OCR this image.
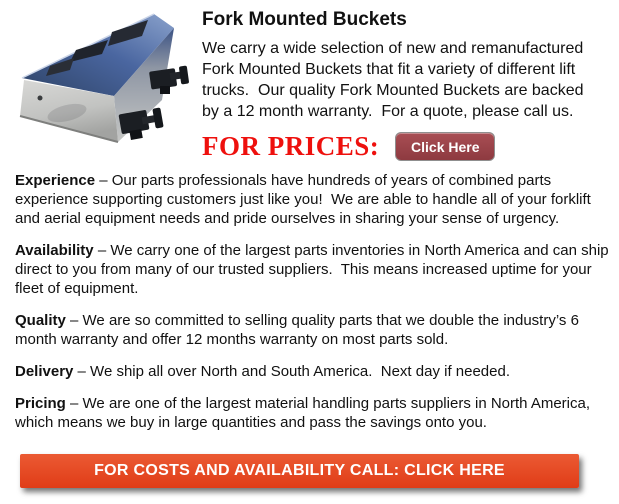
Fork Mounted Buckets

We carry a wide selection of new and remanufactured Fork Mounted Buckets that fit a variety of different lift trucks.  Our quality Fork Mounted Buckets are backed by a 12 month warranty.  For a quote, please call us.

FOR PRICES:	Click Here

Experience – Our parts professionals have hundreds of years of combined parts experience supporting customers just like you!  We are able to handle all of your forklift and aerial equipment needs and pride ourselves in sharing your sense of urgency.

Availability – We carry one of the largest parts inventories in North America and can ship direct to you from many of our trusted suppliers.  This means increased uptime for your fleet of equipment.

Quality – We are so committed to selling quality parts that we double the industry’s 6 month warranty and offer 12 months warranty on most parts sold.

Delivery – We ship all over North and South America.  Next day if needed.

Pricing – We are one of the largest material handling parts suppliers in North America, which means we buy in large quantities and pass the savings onto you.

FOR COSTS AND AVAILABILITY CALL: CLICK HERE
